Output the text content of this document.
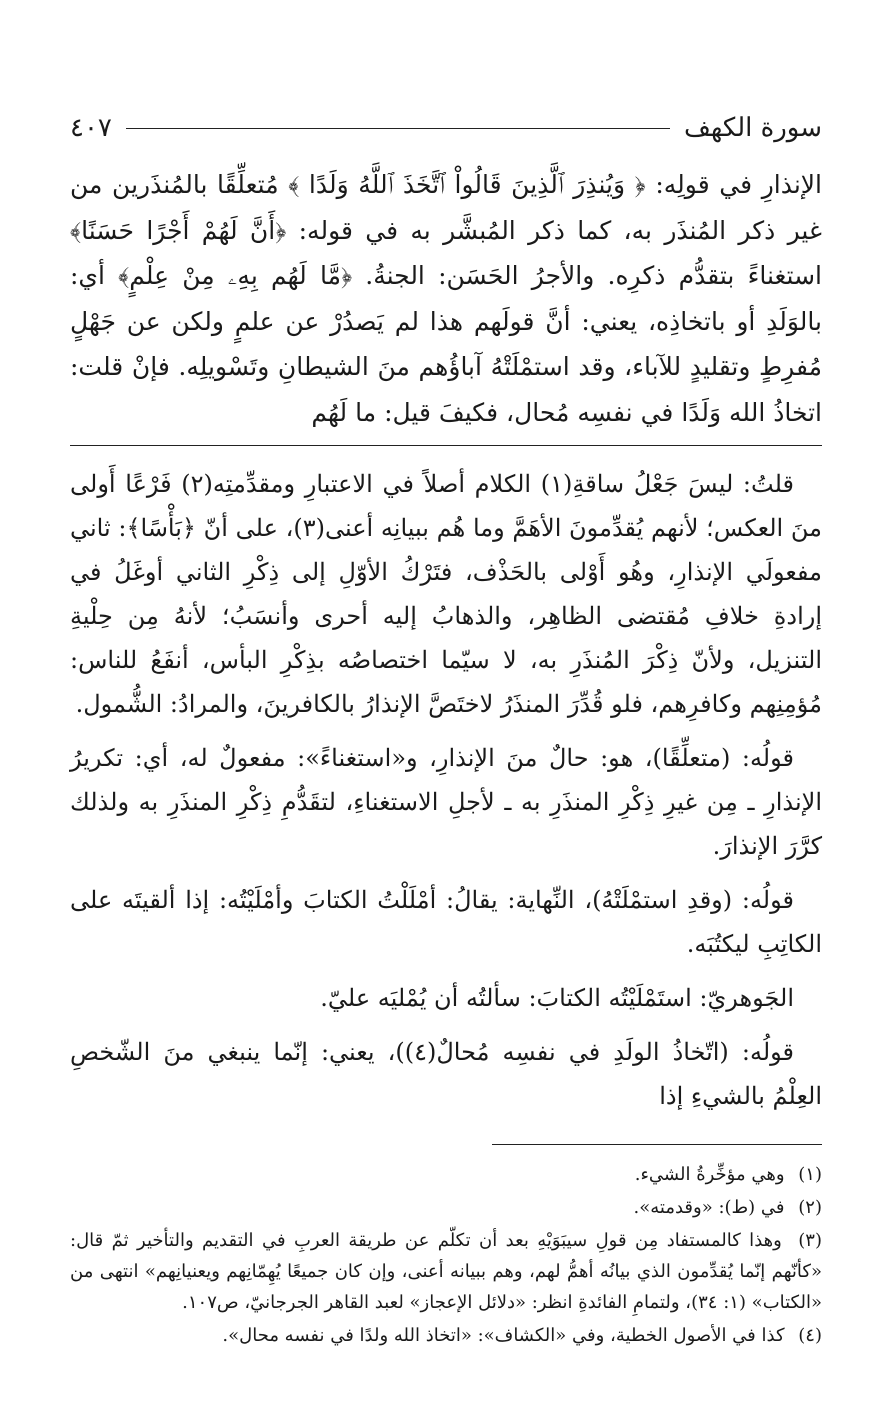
سورة الكهف
٤٠٧

الإنذارِ في قولِه: ﴿ وَيُنذِرَ ٱلَّذِينَ قَالُواْ ٱتَّخَذَ ٱللَّهُ وَلَدًا ﴾ مُتعلِّقًا بالمُنذَرين من غير ذكر المُنذَر به، كما ذكر المُبشَّر به في قوله: ﴿أَنَّ لَهُمْ أَجْرًا حَسَنًا﴾ استغناءً بتقدُّم ذكرِه. والأجرُ الحَسَن: الجنةُ. ﴿مَّا لَهُم بِهِۦ مِنْ عِلْمٍ﴾ أي: بالوَلَدِ أو باتخاذِه، يعني: أنَّ قولَهم هذا لم يَصدُرْ عن علمٍ ولكن عن جَهْلٍ مُفرِطٍ وتقليدٍ للآباء، وقد استمْلَتْهُ آباؤُهم منَ الشيطانِ وتَسْويلِه. فإنْ قلت: اتخاذُ الله وَلَدًا في نفسِه مُحال، فكيفَ قيل: ما لَهُم

قلتُ: ليسَ جَعْلُ ساقةِ(١) الكلام أصلاً في الاعتبارِ ومقدِّمتِه(٢) فَرْعًا أَولى منَ العكس؛ لأنهم يُقدِّمونَ الأهَمَّ وما هُم ببيانِه أعنى(٣)، على أنّ ﴿بَأْسًا﴾: ثاني مفعولَي الإنذارِ، وهُو أَوْلى بالحَذْف، فتَرْكُ الأوّلِ إلى ذِكْرِ الثاني أوغَلُ في إرادةِ خلافِ مُقتضى الظاهِر، والذهابُ إليه أحرى وأنسَبُ؛ لأنهُ مِن حِلْيةِ التنزيل، ولأنّ ذِكْرَ المُنذَرِ به، لا سيّما اختصاصُه بذِكْرِ البأس، أنفَعُ للناس: مُؤمِنِهم وكافرِهم، فلو قُدِّرَ المنذَرُ لاختَصَّ الإنذارُ بالكافرينَ، والمرادُ: الشُّمول.

قولُه: (متعلِّقًا)، هو: حالٌ منَ الإنذارِ، و«استغناءً»: مفعولٌ له، أي: تكريرُ الإنذارِ ـ مِن غيرِ ذِكْرِ المنذَرِ به ـ لأجلِ الاستغناءِ، لتقَدُّمِ ذِكْرِ المنذَرِ به ولذلك كرَّرَ الإنذارَ.

قولُه: (وقدِ استمْلَتْهُ)، النِّهاية: يقالُ: أمْلَلْتُ الكتابَ وأمْلَيْتُه: إذا ألقيتَه على الكاتِبِ ليكتُبَه.

الجَوهريّ: استَمْلَيْتُه الكتابَ: سألتُه أن يُمْليَه عليّ.

قولُه: (اتّخاذُ الولَدِ في نفسِه مُحالٌ(٤))، يعني: إنّما ينبغي منَ الشّخصِ العِلْمُ بالشيءِ إذا

(١) وهي مؤخِّرةُ الشيء.

(٢) في (ط): «وقدمته».

(٣) وهذا كالمستفاد مِن قولِ سيبَوَيْهِ بعد أن تكلّم عن طريقة العربِ في التقديم والتأخير ثمّ قال: «كأنّهم إنّما يُقدِّمون الذي بيانُه أهمُّ لهم، وهم ببيانه أعنى، وإن كان جميعًا يُهِمّانِهم ويعنيانِهم» انتهى من «الكتاب» (١: ٣٤)، ولتمامِ الفائدةِ انظر: «دلائل الإعجاز» لعبد القاهر الجرجانيّ، ص١٠٧.

(٤) كذا في الأصول الخطية، وفي «الكشاف»: «اتخاذ الله ولدًا في نفسه محال».
